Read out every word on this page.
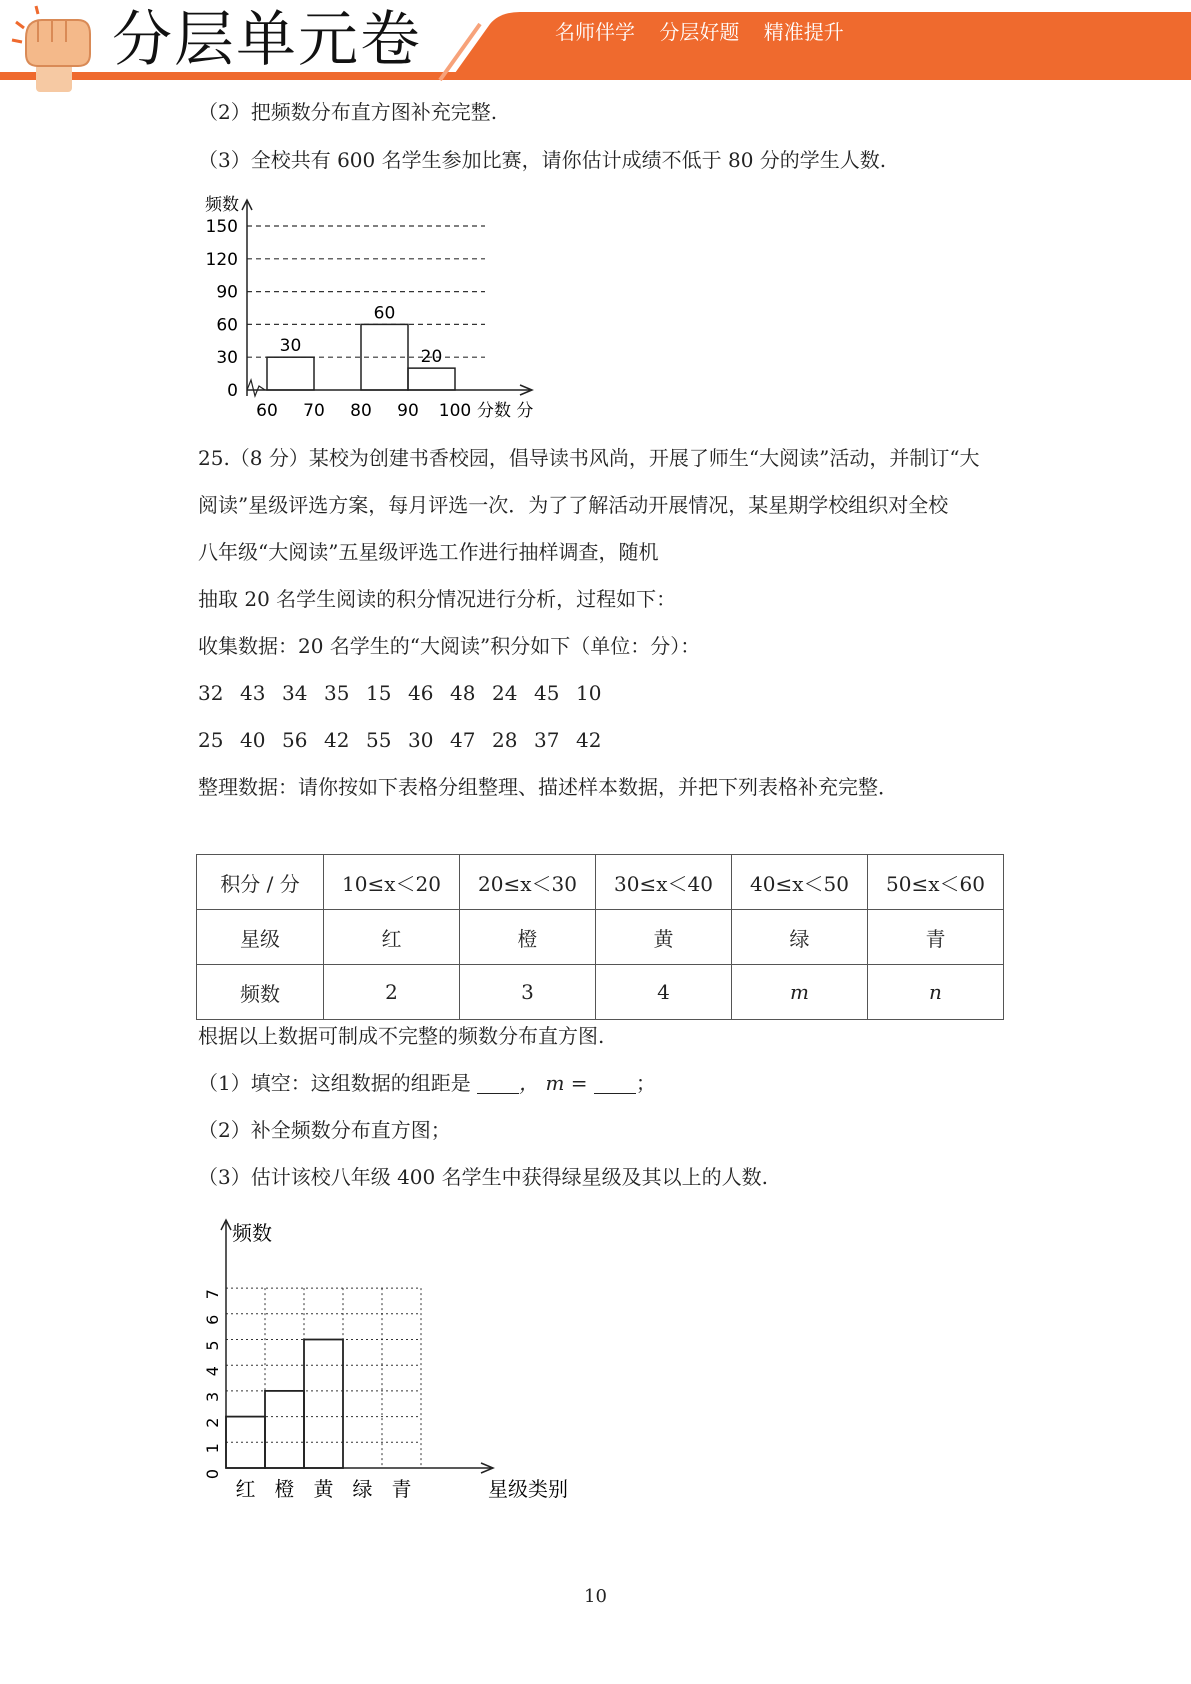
分层单元卷	名师伴学 分层好题 精准提升
（2）把频数分布直方图补充完整.
（3）全校共有 600 名学生参加比赛，请你估计成绩不低于 80 分的学生人数.
150
120
90
60
30
0
频数
30
60
20
60 70 80 90 100 分数 分
25.（8 分）某校为创建书香校园，倡导读书风尚，开展了师生“大阅读”活动，并制订“大
阅读”星级评选方案，每月评选一次．为了了解活动开展情况，某星期学校组织对全校
八年级“大阅读”五星级评选工作进行抽样调查，随机
抽取 20 名学生阅读的积分情况进行分析，过程如下：
收集数据：20 名学生的“大阅读”积分如下（单位：分）：
32 43 34 35 15 46 48 24 45 10
25 40 56 42 55 30 47 28 37 42
整理数据：请你按如下表格分组整理、描述样本数据，并把下列表格补充完整．
积分 / 分	10≤x＜20	20≤x＜30	30≤x＜40	40≤x＜50	50≤x＜60
星级	红	橙	黄	绿	青
频数	2	3	4	m	n
根据以上数据可制成不完整的频数分布直方图.
（1）填空：这组数据的组距是 ， m = ；
（2）补全频数分布直方图；
（3）估计该校八年级 400 名学生中获得绿星级及其以上的人数.
频数
7
6
5
4
3
2
1
0
红 橙 黄 绿 青	星级类别
10
